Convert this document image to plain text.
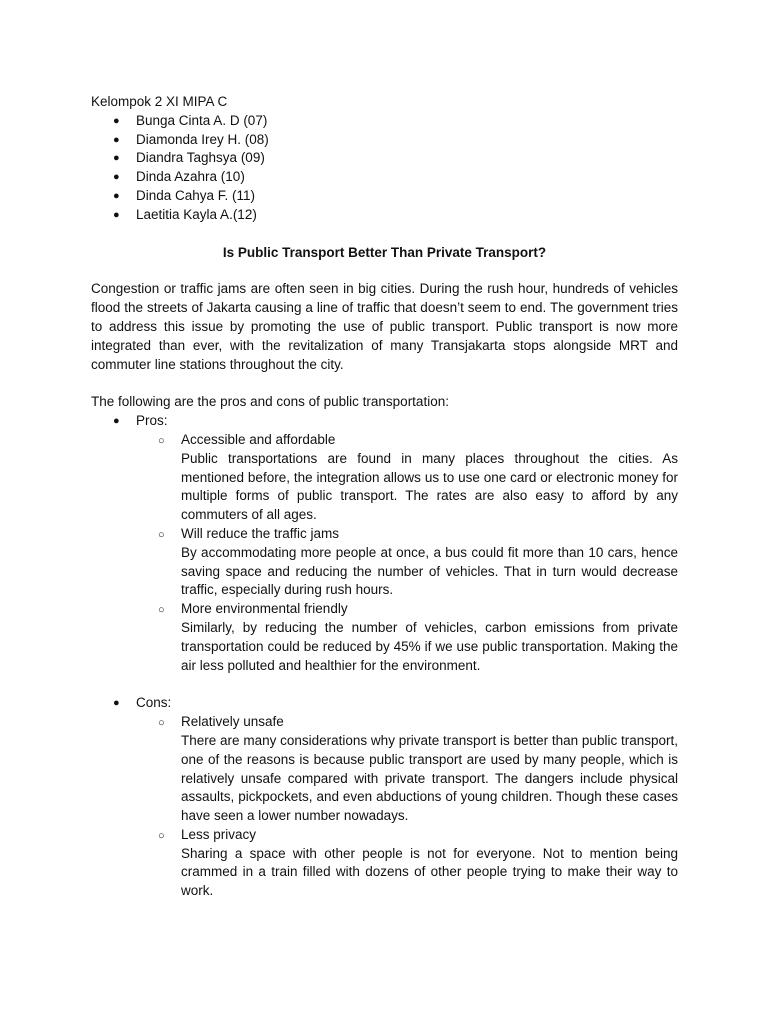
Kelompok 2 XI MIPA C
● Bunga Cinta A. D (07)
● Diamonda Irey H. (08)
● Diandra Taghsya (09)
● Dinda Azahra (10)
● Dinda Cahya F. (11)
● Laetitia Kayla A.(12)
Is Public Transport Better Than Private Transport?

Congestion or traffic jams are often seen in big cities. During the rush hour, hundreds of vehicles flood the streets of Jakarta causing a line of traffic that doesn’t seem to end. The government tries to address this issue by promoting the use of public transport. Public transport is now more integrated than ever, with the revitalization of many Transjakarta stops alongside MRT and commuter line stations throughout the city.

The following are the pros and cons of public transportation:

● Pros:
○ Accessible and affordable
Public transportations are found in many places throughout the cities. As mentioned before, the integration allows us to use one card or electronic money for multiple forms of public transport. The rates are also easy to afford by any commuters of all ages.
○ Will reduce the traffic jams
By accommodating more people at once, a bus could fit more than 10 cars, hence saving space and reducing the number of vehicles. That in turn would decrease traffic, especially during rush hours.
○ More environmental friendly
Similarly, by reducing the number of vehicles, carbon emissions from private transportation could be reduced by 45% if we use public transportation. Making the air less polluted and healthier for the environment.
● Cons:
○ Relatively unsafe
There are many considerations why private transport is better than public transport, one of the reasons is because public transport are used by many people, which is relatively unsafe compared with private transport. The dangers include physical assaults, pickpockets, and even abductions of young children. Though these cases have seen a lower number nowadays.
○ Less privacy
Sharing a space with other people is not for everyone. Not to mention being crammed in a train filled with dozens of other people trying to make their way to work.
